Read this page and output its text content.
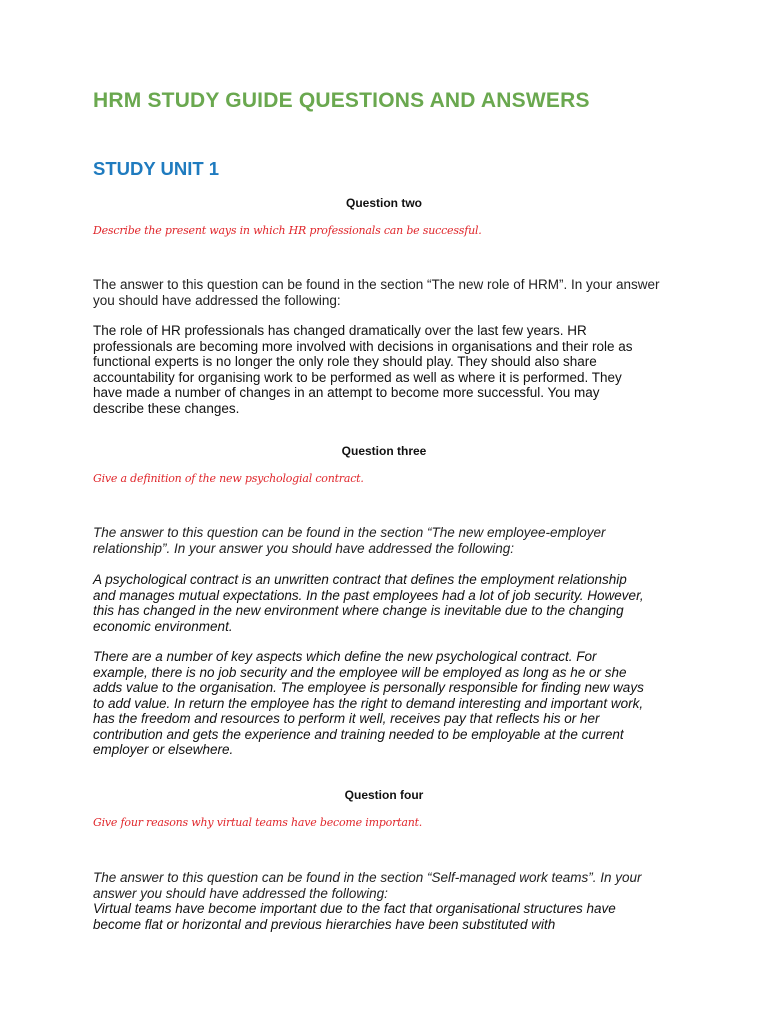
HRM STUDY GUIDE QUESTIONS AND ANSWERS
STUDY UNIT 1

Question two

Describe the present ways in which HR professionals can be successful.

The answer to this question can be found in the section “The new role of HRM”. In your answer you should have addressed the following:

The role of HR professionals has changed dramatically over the last few years. HR professionals are becoming more involved with decisions in organisations and their role as functional experts is no longer the only role they should play. They should also share accountability for organising work to be performed as well as where it is performed. They have made a number of changes in an attempt to become more successful. You may describe these changes.

Question three

Give a definition of the new psychologial contract.

The answer to this question can be found in the section “The new employee-employer relationship”. In your answer you should have addressed the following:

A psychological contract is an unwritten contract that defines the employment relationship and manages mutual expectations. In the past employees had a lot of job security. However, this has changed in the new environment where change is inevitable due to the changing economic environment.

There are a number of key aspects which define the new psychological contract. For example, there is no job security and the employee will be employed as long as he or she adds value to the organisation. The employee is personally responsible for finding new ways to add value. In return the employee has the right to demand interesting and important work, has the freedom and resources to perform it well, receives pay that reflects his or her contribution and gets the experience and training needed to be employable at the current employer or elsewhere.

Question four

Give four reasons why virtual teams have become important.

The answer to this question can be found in the section “Self-managed work teams”. In your answer you should have addressed the following:

Virtual teams have become important due to the fact that organisational structures have become flat or horizontal and previous hierarchies have been substituted with
